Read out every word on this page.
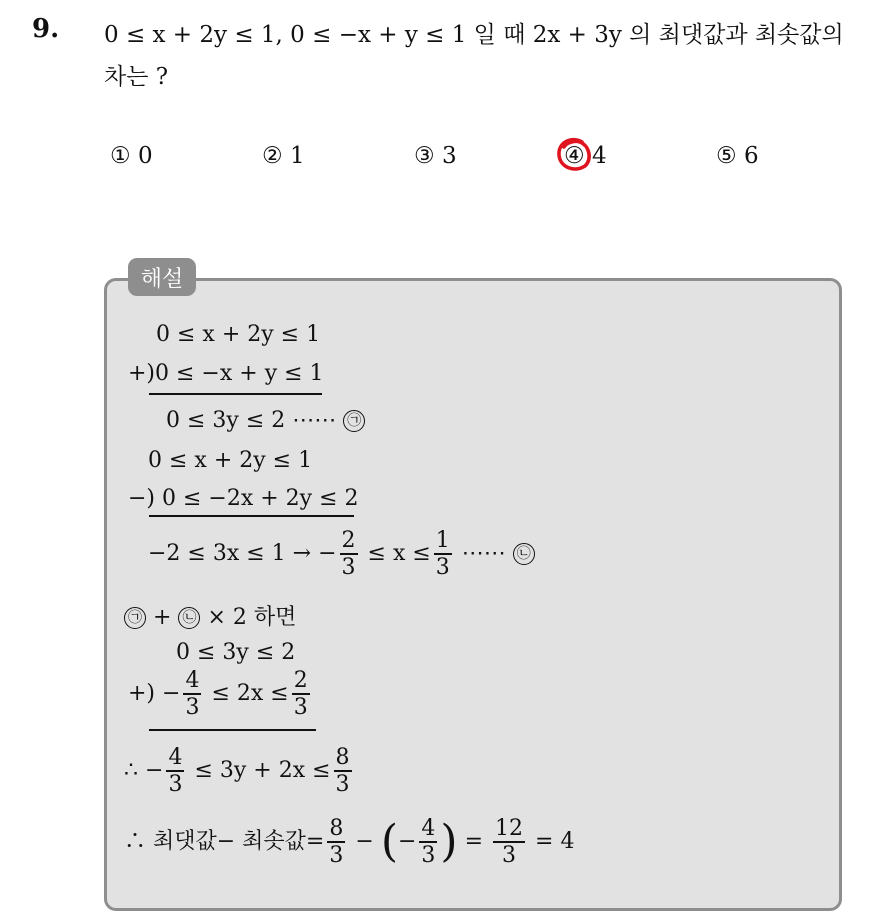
9. 0 ≤ x + 2y ≤ 1, 0 ≤ −x + y ≤ 1 일 때 2x + 3y 의 최댓값과 최솟값의
차는 ?
① 0	② 1	③ 3	④ 4	⑤ 6
해설
0 ≤ x + 2y ≤ 1
+)0 ≤ −x + y ≤ 1
0 ≤ 3y ≤ 2 ⋯⋯ ㉠
0 ≤ x + 2y ≤ 1
−) 0 ≤ −2x + 2y ≤ 2
−2 ≤ 3x ≤ 1 → − $\frac{2}{3} \le x \le \frac{1}{3}$ ⋯⋯ ㉡
㉠ + ㉡ × 2 하면
0 ≤ 3y ≤ 2
+) − $\frac{4}{3} \le 2x \le \frac{2}{3}$
∴ − $\frac{4}{3} \le 3y + 2x \le \frac{8}{3}$
∴ 최댓값− 최솟값= $\frac{8}{3}$ − (− $\frac{4}{3}$ ) = $\frac{12}{3} = 4$
